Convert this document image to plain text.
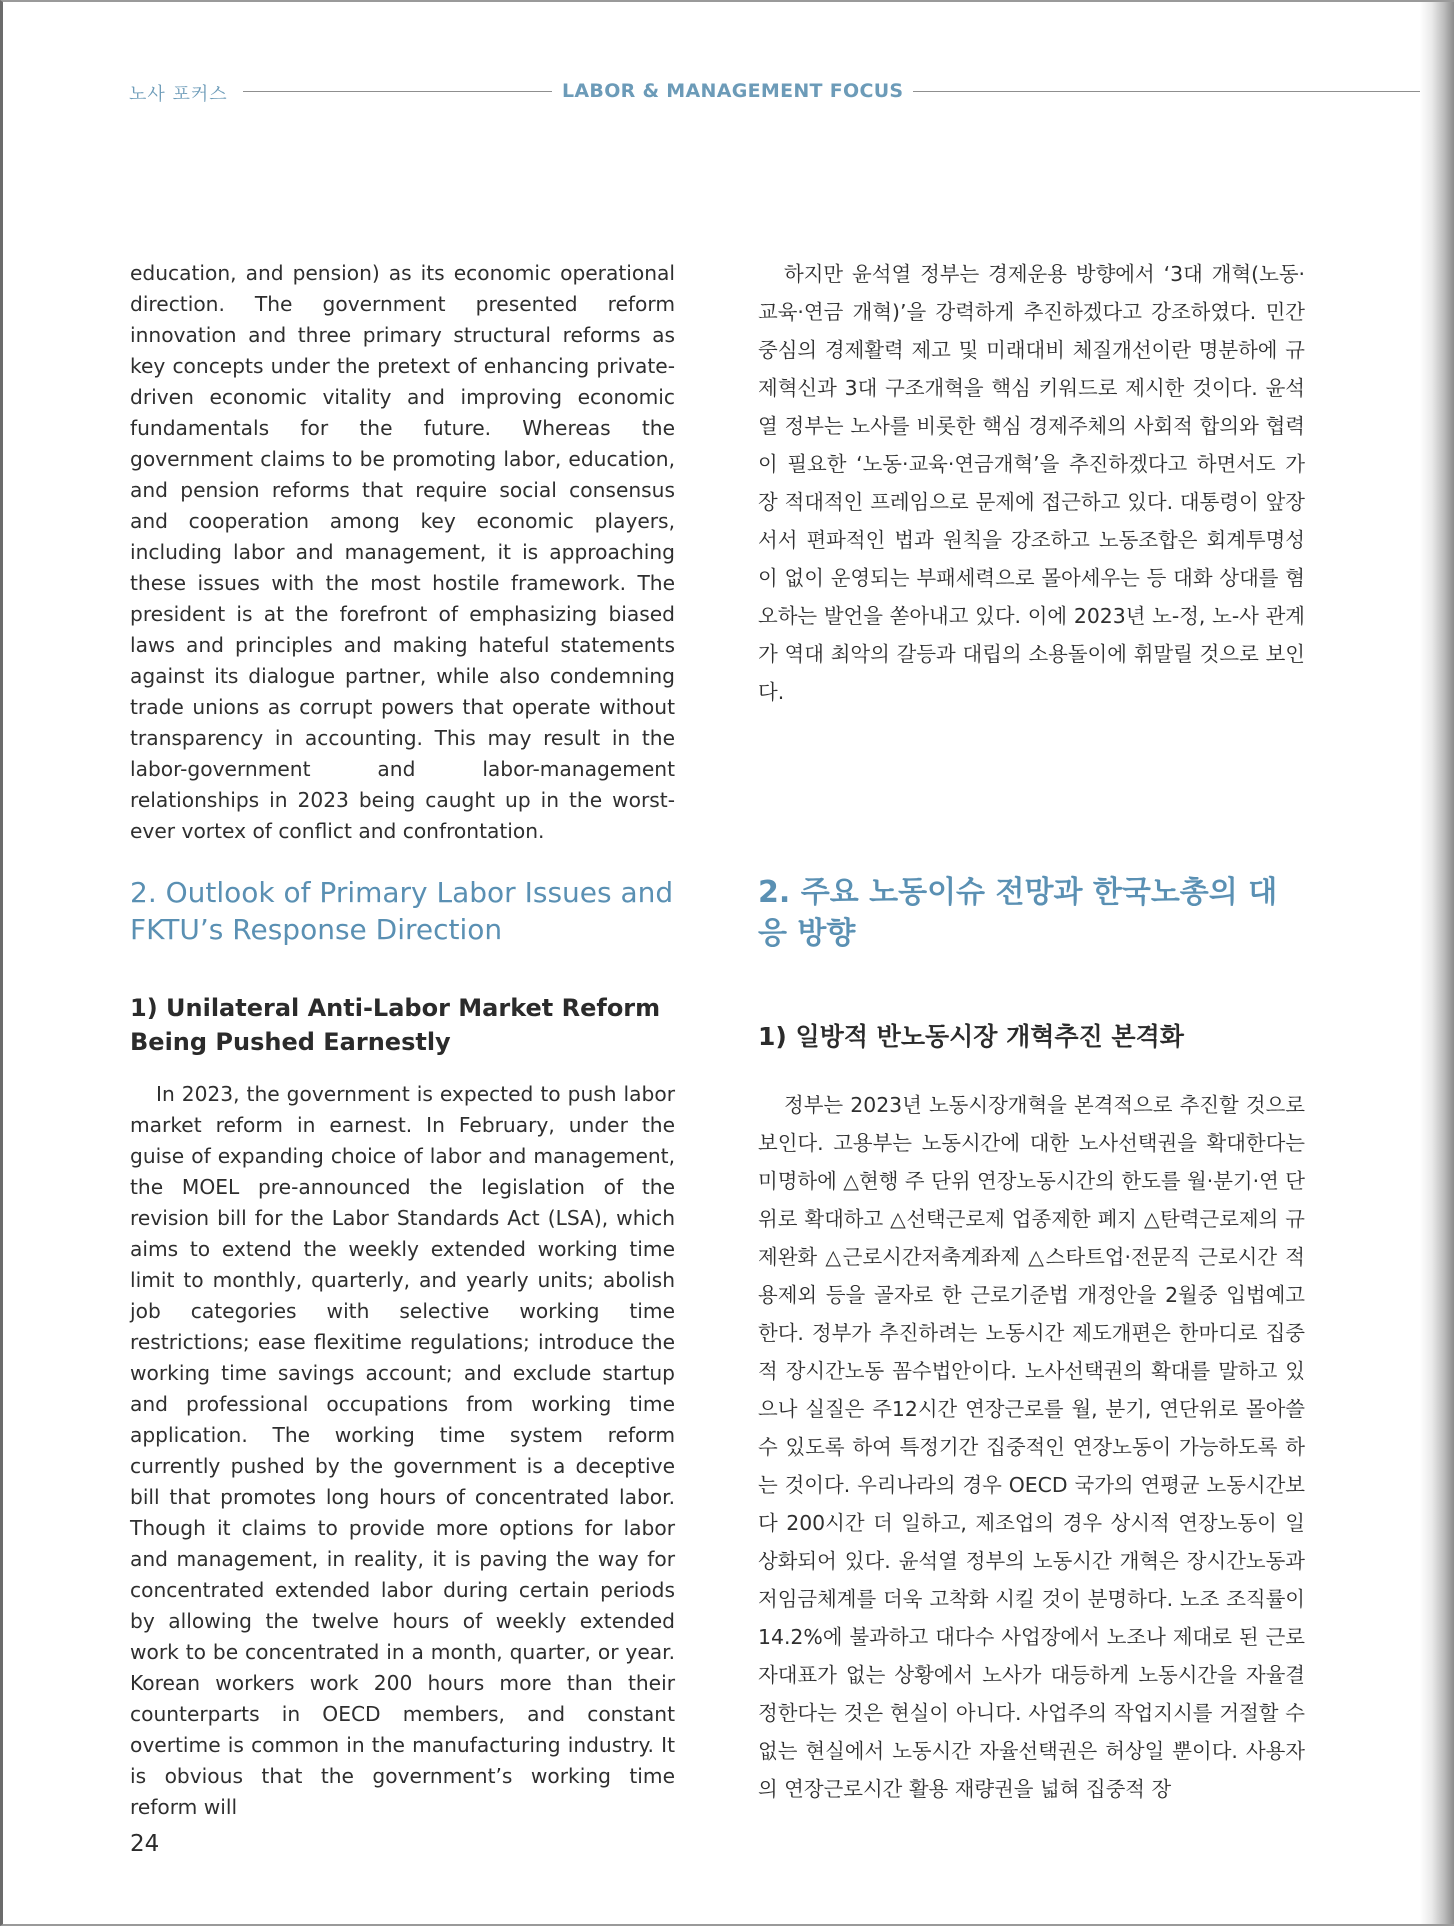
노사 포커스	LABOR & MANAGEMENT FOCUS

education, and pension) as its economic operational direction. The government presented reform innovation and three primary structural reforms as key concepts under the pretext of enhancing private-driven economic vitality and improving economic fundamentals for the future. Whereas the government claims to be promoting labor, education, and pension reforms that require social consensus and cooperation among key economic players, including labor and management, it is approaching these issues with the most hostile framework. The president is at the forefront of emphasizing biased laws and principles and making hateful statements against its dialogue partner, while also condemning trade unions as corrupt powers that operate without transparency in accounting. This may result in the labor-government and labor-management relationships in 2023 being caught up in the worst-ever vortex of conflict and confrontation.

하지만 윤석열 정부는 경제운용 방향에서 ‘3대 개혁(노동·교육·연금 개혁)’을 강력하게 추진하겠다고 강조하였다. 민간 중심의 경제활력 제고 및 미래대비 체질개선이란 명분하에 규제혁신과 3대 구조개혁을 핵심 키워드로 제시한 것이다. 윤석열 정부는 노사를 비롯한 핵심 경제주체의 사회적 합의와 협력이 필요한 ‘노동·교육·연금개혁’을 추진하겠다고 하면서도 가장 적대적인 프레임으로 문제에 접근하고 있다. 대통령이 앞장서서 편파적인 법과 원칙을 강조하고 노동조합은 회계투명성이 없이 운영되는 부패세력으로 몰아세우는 등 대화 상대를 혐오하는 발언을 쏟아내고 있다. 이에 2023년 노-정, 노-사 관계가 역대 최악의 갈등과 대립의 소용돌이에 휘말릴 것으로 보인다.

2. Outlook of Primary Labor Issues and FKTU’s Response Direction
2. 주요 노동이슈 전망과 한국노총의 대응 방향
1) Unilateral Anti-Labor Market Reform Being Pushed Earnestly	1) 일방적 반노동시장 개혁추진 본격화

In 2023, the government is expected to push labor market reform in earnest. In February, under the guise of expanding choice of labor and management, the MOEL pre-announced the legislation of the revision bill for the Labor Standards Act (LSA), which aims to extend the weekly extended working time limit to monthly, quarterly, and yearly units; abolish job categories with selective working time restrictions; ease flexitime regulations; introduce the working time savings account; and exclude startup and professional occupations from working time application. The working time system reform currently pushed by the government is a deceptive bill that promotes long hours of concentrated labor. Though it claims to provide more options for labor and management, in reality, it is paving the way for concentrated extended labor during certain periods by allowing the twelve hours of weekly extended work to be concentrated in a month, quarter, or year. Korean workers work 200 hours more than their counterparts in OECD members, and constant overtime is common in the manufacturing industry. It is obvious that the government’s working time reform will

정부는 2023년 노동시장개혁을 본격적으로 추진할 것으로 보인다. 고용부는 노동시간에 대한 노사선택권을 확대한다는 미명하에 △현행 주 단위 연장노동시간의 한도를 월·분기·연 단위로 확대하고 △선택근로제 업종제한 폐지 △탄력근로제의 규제완화 △근로시간저축계좌제 △스타트업·전문직 근로시간 적용제외 등을 골자로 한 근로기준법 개정안을 2월중 입법예고한다. 정부가 추진하려는 노동시간 제도개편은 한마디로 집중적 장시간노동 꼼수법안이다. 노사선택권의 확대를 말하고 있으나 실질은 주12시간 연장근로를 월, 분기, 연단위로 몰아쓸 수 있도록 하여 특정기간 집중적인 연장노동이 가능하도록 하는 것이다. 우리나라의 경우 OECD 국가의 연평균 노동시간보다 200시간 더 일하고, 제조업의 경우 상시적 연장노동이 일상화되어 있다. 윤석열 정부의 노동시간 개혁은 장시간노동과 저임금체계를 더욱 고착화 시킬 것이 분명하다. 노조 조직률이 14.2%에 불과하고 대다수 사업장에서 노조나 제대로 된 근로자대표가 없는 상황에서 노사가 대등하게 노동시간을 자율결정한다는 것은 현실이 아니다. 사업주의 작업지시를 거절할 수 없는 현실에서 노동시간 자율선택권은 허상일 뿐이다. 사용자의 연장근로시간 활용 재량권을 넓혀 집중적 장

24
